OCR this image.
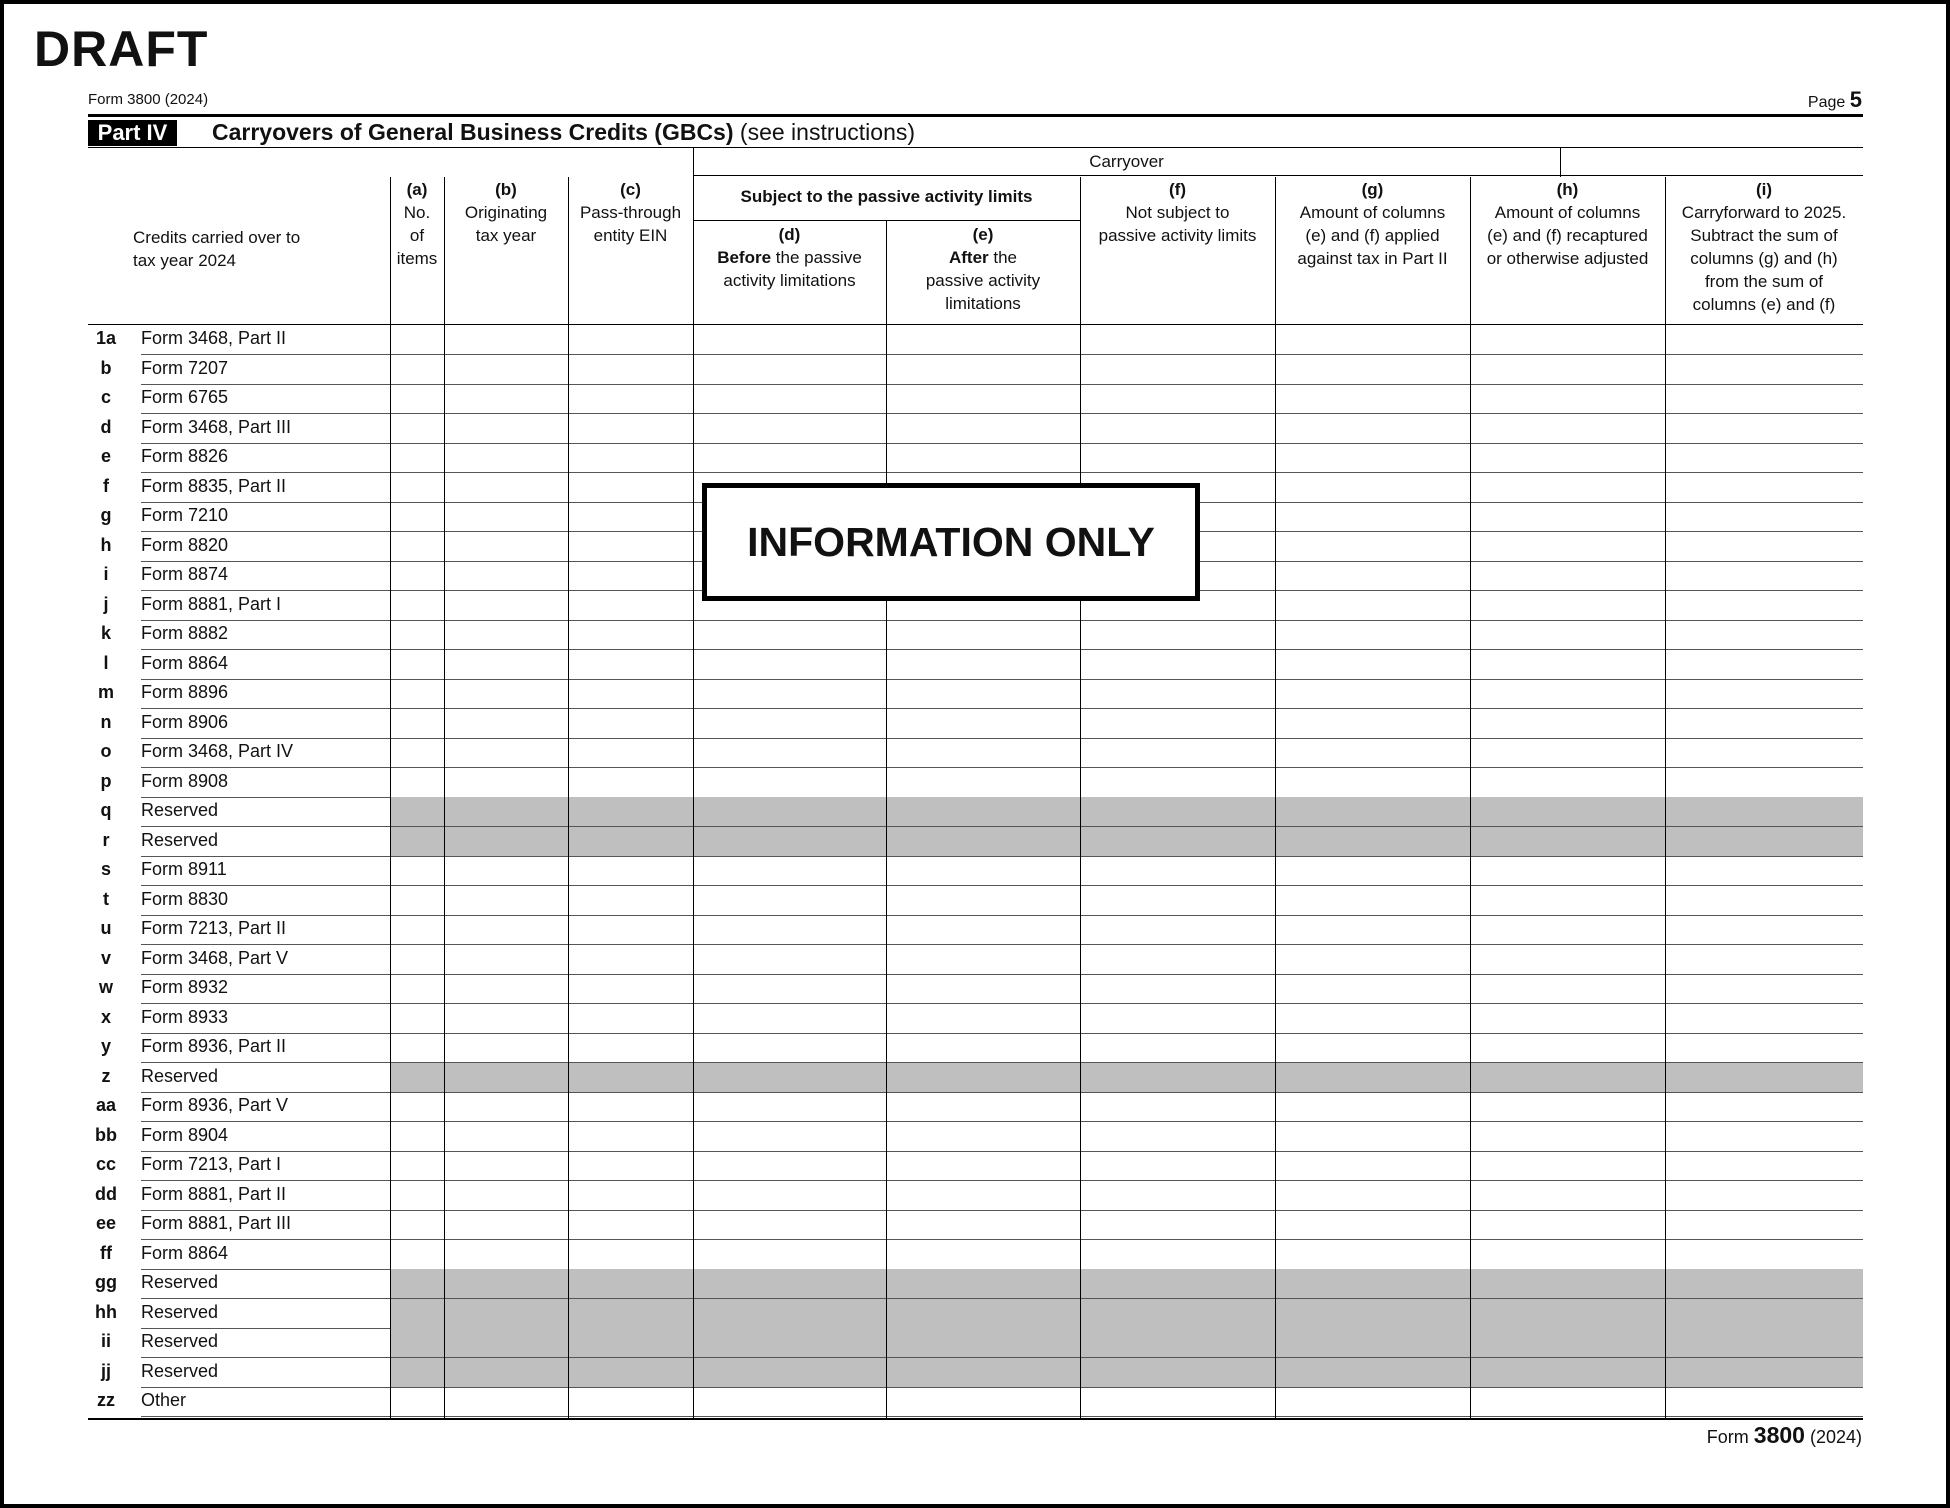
DRAFT
Form 3800 (2024)	Page 5
Part IV	Carryovers of General Business Credits (GBCs) (see instructions)
Carryover
Credits carried over to
tax year 2024
(a)
No.
of
items
(b)
Originating
tax year
(c)
Pass-through
entity EIN
Subject to the passive activity limits
(d)
Before the passive
activity limitations
(e)
After the
passive activity
limitations
(f)
Not subject to
passive activity limits
(g)
Amount of columns
(e) and (f) applied
against tax in Part II
(h)
Amount of columns
(e) and (f) recaptured
or otherwise adjusted
(i)
Carryforward to 2025.
Subtract the sum of
columns (g) and (h)
from the sum of
columns (e) and (f)
1a	Form 3468, Part II
b	Form 7207
c	Form 6765
d	Form 3468, Part III
e	Form 8826
f	Form 8835, Part II
g	Form 7210
h	Form 8820
i	Form 8874
j	Form 8881, Part I
k	Form 8882
l	Form 8864
m	Form 8896
n	Form 8906
o	Form 3468, Part IV
p	Form 8908
q	Reserved
r	Reserved
s	Form 8911
t	Form 8830
u	Form 7213, Part II
v	Form 3468, Part V
w	Form 8932
x	Form 8933
y	Form 8936, Part II
z	Reserved
aa	Form 8936, Part V
bb	Form 8904
cc	Form 7213, Part I
dd	Form 8881, Part II
ee	Form 8881, Part III
ff	Form 8864
gg	Reserved
hh	Reserved
ii	Reserved
jj	Reserved
zz	Other
INFORMATION ONLY
Form 3800 (2024)
